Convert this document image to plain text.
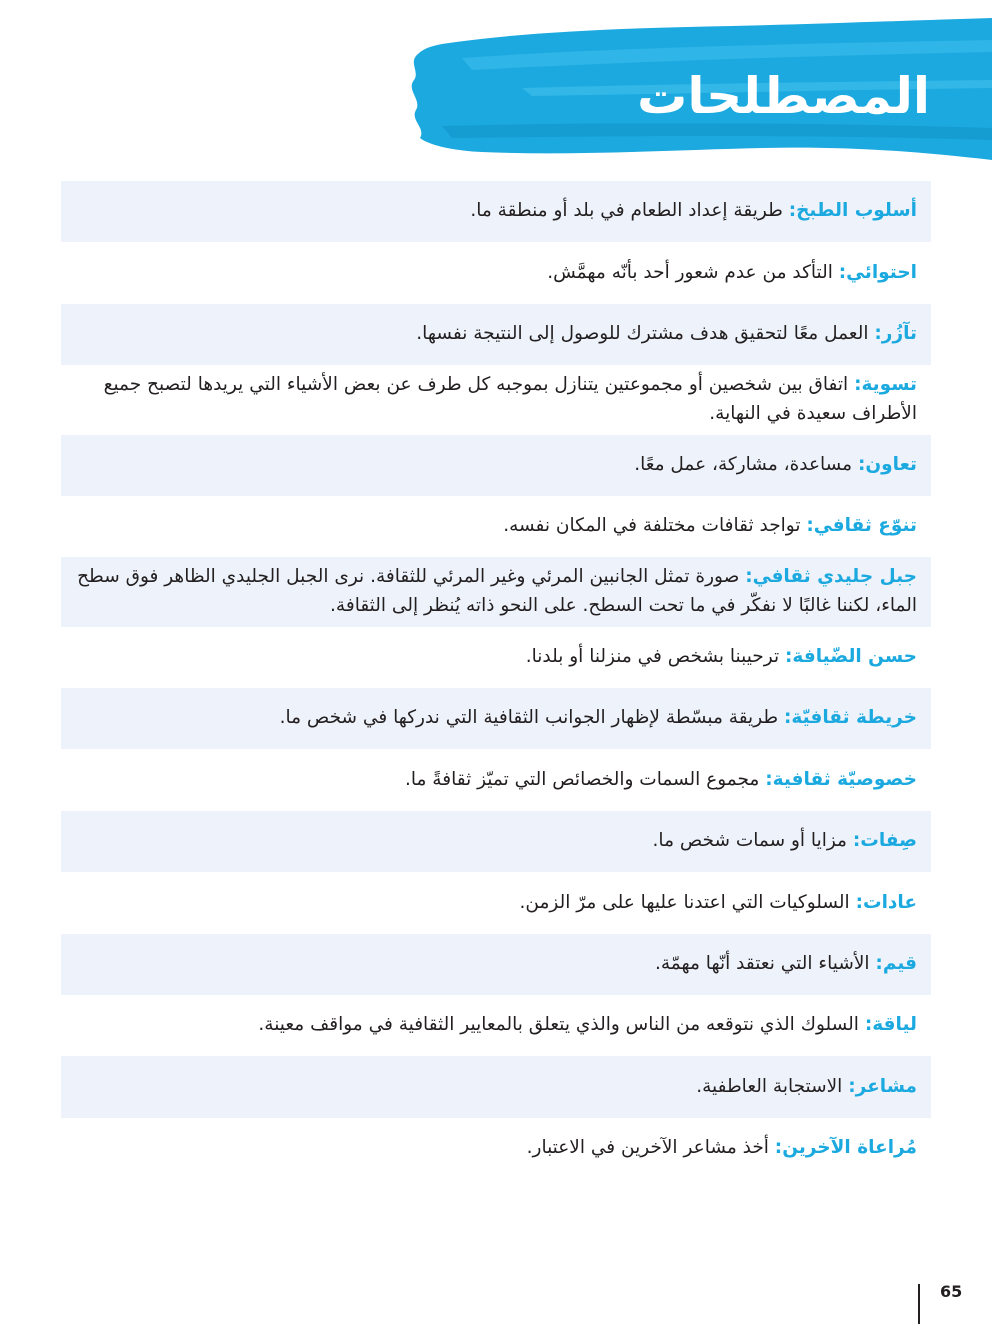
المصطلحات

أسلوب الطبخ: طريقة إعداد الطعام في بلد أو منطقة ما.

احتوائي: التأكد من عدم شعور أحد بأنّه مهمَّش.

تآزُر: العمل معًا لتحقيق هدف مشترك للوصول إلى النتيجة نفسها.

تسوية: اتفاق بين شخصين أو مجموعتين يتنازل بموجبه كل طرف عن بعض الأشياء التي يريدها لتصبح جميع الأطراف سعيدة في النهاية.

تعاون: مساعدة، مشاركة، عمل معًا.

تنوّع ثقافي: تواجد ثقافات مختلفة في المكان نفسه.

جبل جليدي ثقافي: صورة تمثل الجانبين المرئي وغير المرئي للثقافة. نرى الجبل الجليدي الظاهر فوق سطح الماء، لكننا غالبًا لا نفكّر في ما تحت السطح. على النحو ذاته يُنظر إلى الثقافة.

حسن الضّيافة: ترحيبنا بشخص في منزلنا أو بلدنا.

خريطة ثقافيّة: طريقة مبسّطة لإظهار الجوانب الثقافية التي ندركها في شخص ما.

خصوصيّة ثقافية: مجموع السمات والخصائص التي تميّز ثقافةً ما.

صِفات: مزايا أو سمات شخص ما.

عادات: السلوكيات التي اعتدنا عليها على مرّ الزمن.

قيم: الأشياء التي نعتقد أنّها مهمّة.

لياقة: السلوك الذي نتوقعه من الناس والذي يتعلق بالمعايير الثقافية في مواقف معينة.

مشاعر: الاستجابة العاطفية.

مُراعاة الآخرين: أخذ مشاعر الآخرين في الاعتبار.

65
